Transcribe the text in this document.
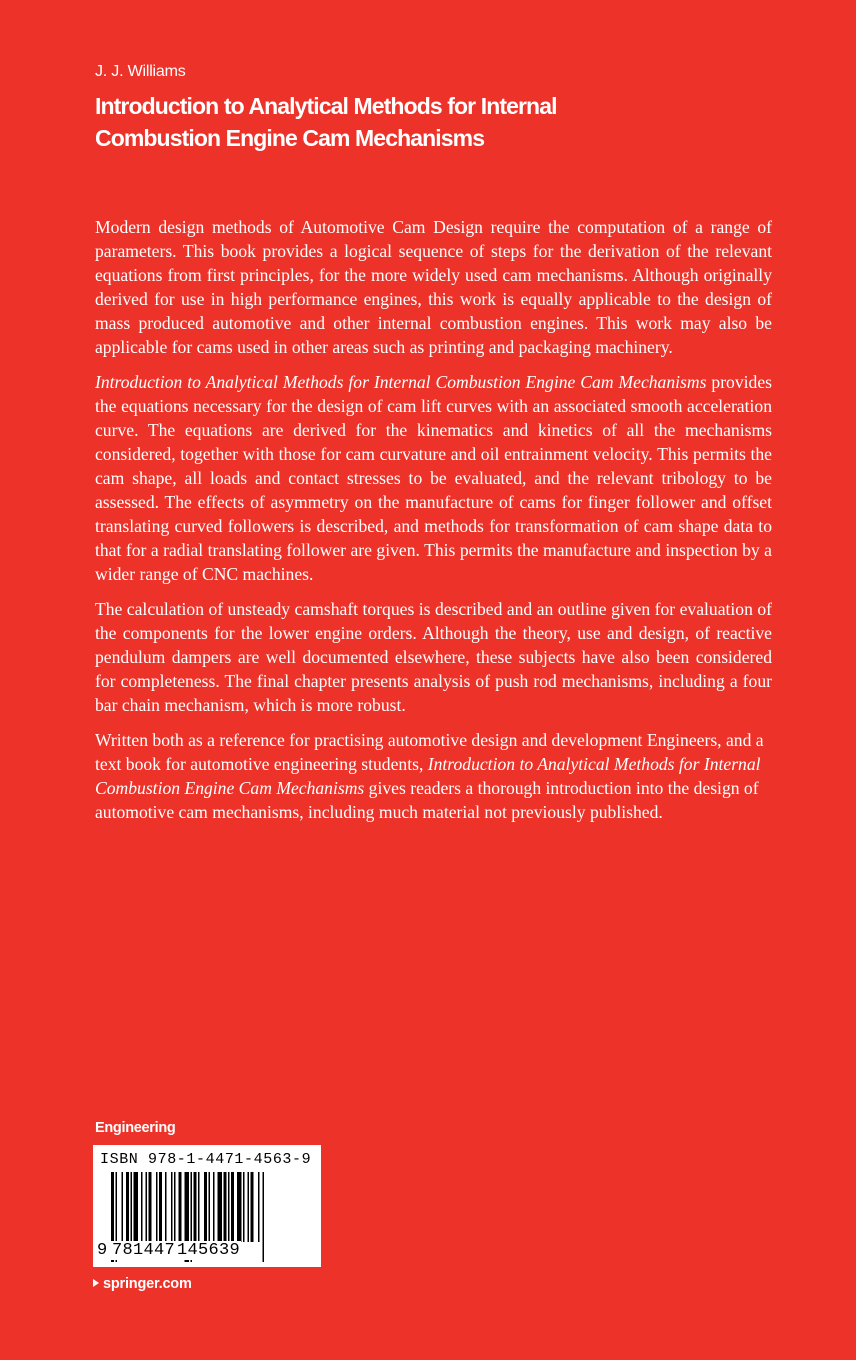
J. J. Williams
Introduction to Analytical Methods for Internal
Combustion Engine Cam Mechanisms

Modern design methods of Automotive Cam Design require the computation of a range of parameters. This book provides a logical sequence of steps for the derivation of the relevant equations from first principles, for the more widely used cam mechanisms. Although originally derived for use in high performance engines, this work is equally applicable to the design of mass produced automotive and other internal combustion engines. This work may also be applicable for cams used in other areas such as printing and packaging machinery.

Introduction to Analytical Methods for Internal Combustion Engine Cam Mechanisms provides the equations necessary for the design of cam lift curves with an associated smooth acceleration curve. The equations are derived for the kinematics and kinetics of all the mechanisms considered, together with those for cam curvature and oil entrainment velocity. This permits the cam shape, all loads and contact stresses to be evaluated, and the relevant tribology to be assessed. The effects of asymmetry on the manufacture of cams for finger follower and offset translating curved followers is described, and methods for transformation of cam shape data to that for a radial translating follower are given. This permits the manufacture and inspection by a wider range of CNC machines.

The calculation of unsteady camshaft torques is described and an outline given for evaluation of the components for the lower engine orders. Although the theory, use and design, of reactive pendulum dampers are well documented elsewhere, these subjects have also been considered for completeness. The final chapter presents analysis of push rod mechanisms, including a four bar chain mechanism, which is more robust.

Written both as a reference for practising automotive design and development Engineers, and a text book for automotive engineering students, Introduction to Analytical Methods for Internal Combustion Engine Cam Mechanisms gives readers a thorough introduction into the design of automotive cam mechanisms, including much material not previously published.

Engineering
ISBN 978-1-4471-4563-9
9 781447 145639
springer.com
